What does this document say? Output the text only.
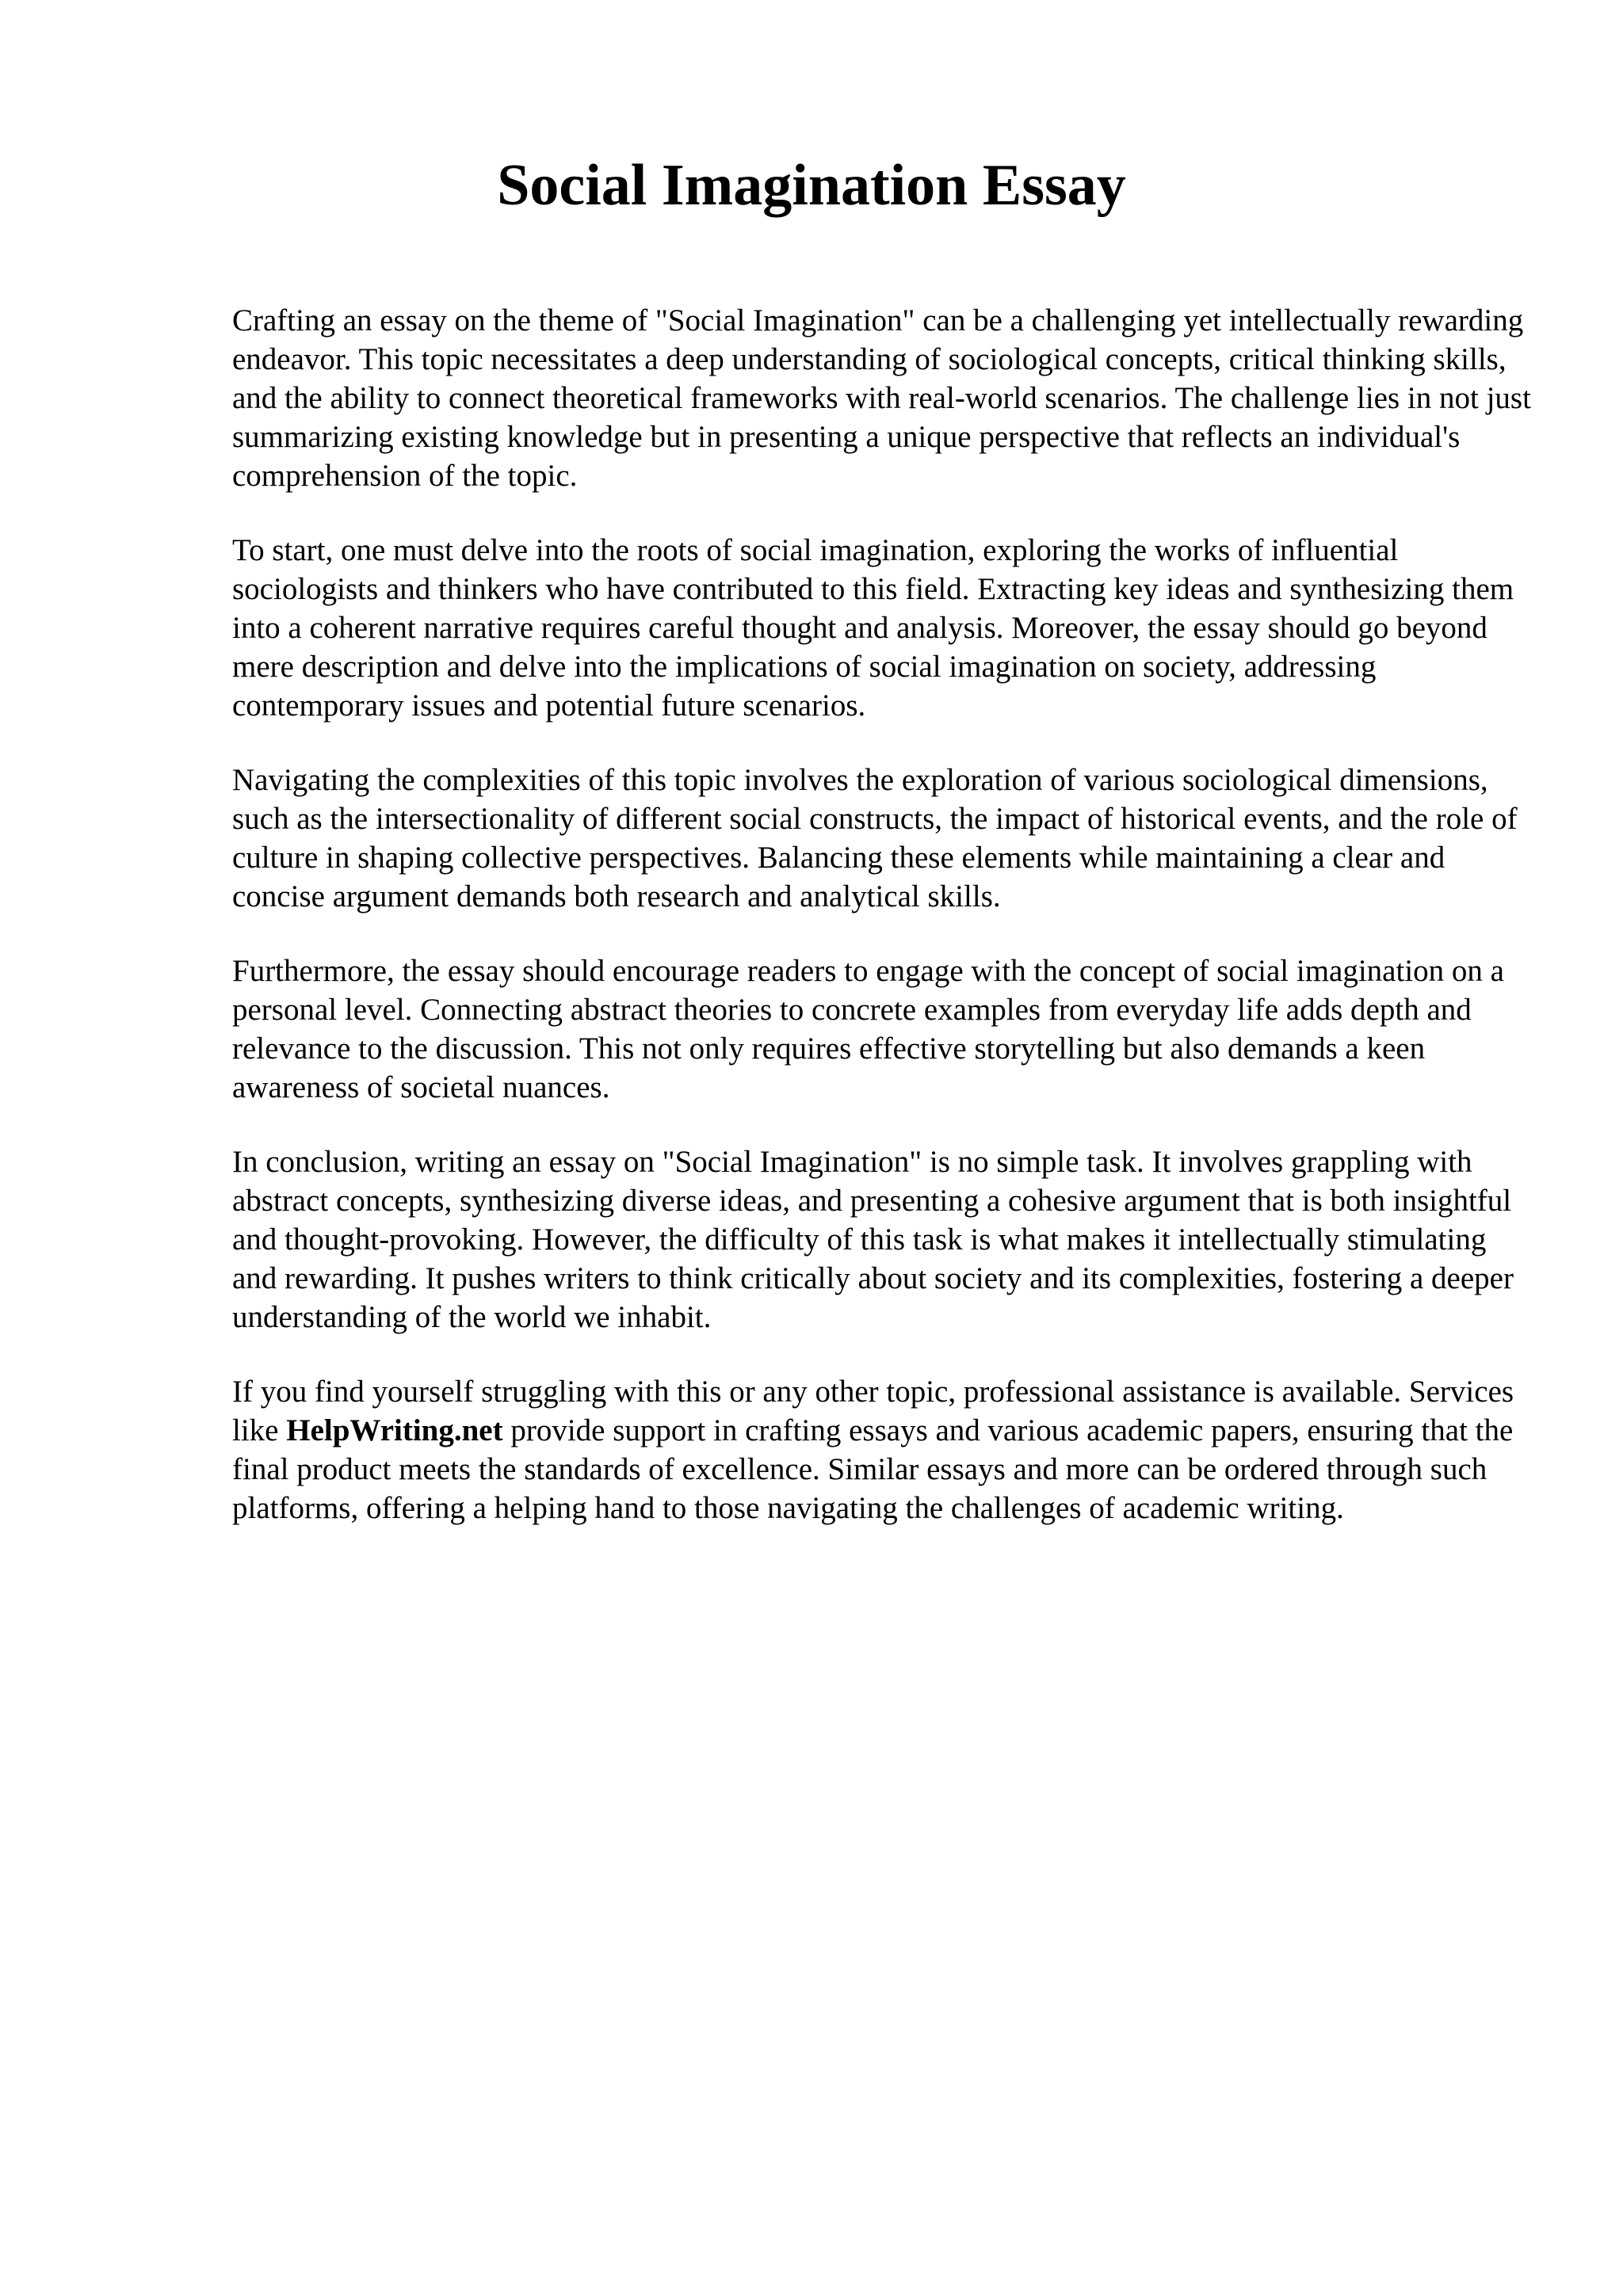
Social Imagination Essay

Crafting an essay on the theme of "Social Imagination" can be a challenging yet intellectually rewarding endeavor. This topic necessitates a deep understanding of sociological concepts, critical thinking skills, and the ability to connect theoretical frameworks with real-world scenarios. The challenge lies in not just summarizing existing knowledge but in presenting a unique perspective that reflects an individual's comprehension of the topic.

To start, one must delve into the roots of social imagination, exploring the works of influential sociologists and thinkers who have contributed to this field. Extracting key ideas and synthesizing them into a coherent narrative requires careful thought and analysis. Moreover, the essay should go beyond mere description and delve into the implications of social imagination on society, addressing contemporary issues and potential future scenarios.

Navigating the complexities of this topic involves the exploration of various sociological dimensions, such as the intersectionality of different social constructs, the impact of historical events, and the role of culture in shaping collective perspectives. Balancing these elements while maintaining a clear and concise argument demands both research and analytical skills.

Furthermore, the essay should encourage readers to engage with the concept of social imagination on a personal level. Connecting abstract theories to concrete examples from everyday life adds depth and relevance to the discussion. This not only requires effective storytelling but also demands a keen awareness of societal nuances.

In conclusion, writing an essay on "Social Imagination" is no simple task. It involves grappling with abstract concepts, synthesizing diverse ideas, and presenting a cohesive argument that is both insightful and thought-provoking. However, the difficulty of this task is what makes it intellectually stimulating and rewarding. It pushes writers to think critically about society and its complexities, fostering a deeper understanding of the world we inhabit.

If you find yourself struggling with this or any other topic, professional assistance is available. Services like HelpWriting.net provide support in crafting essays and various academic papers, ensuring that the final product meets the standards of excellence. Similar essays and more can be ordered through such platforms, offering a helping hand to those navigating the challenges of academic writing.
